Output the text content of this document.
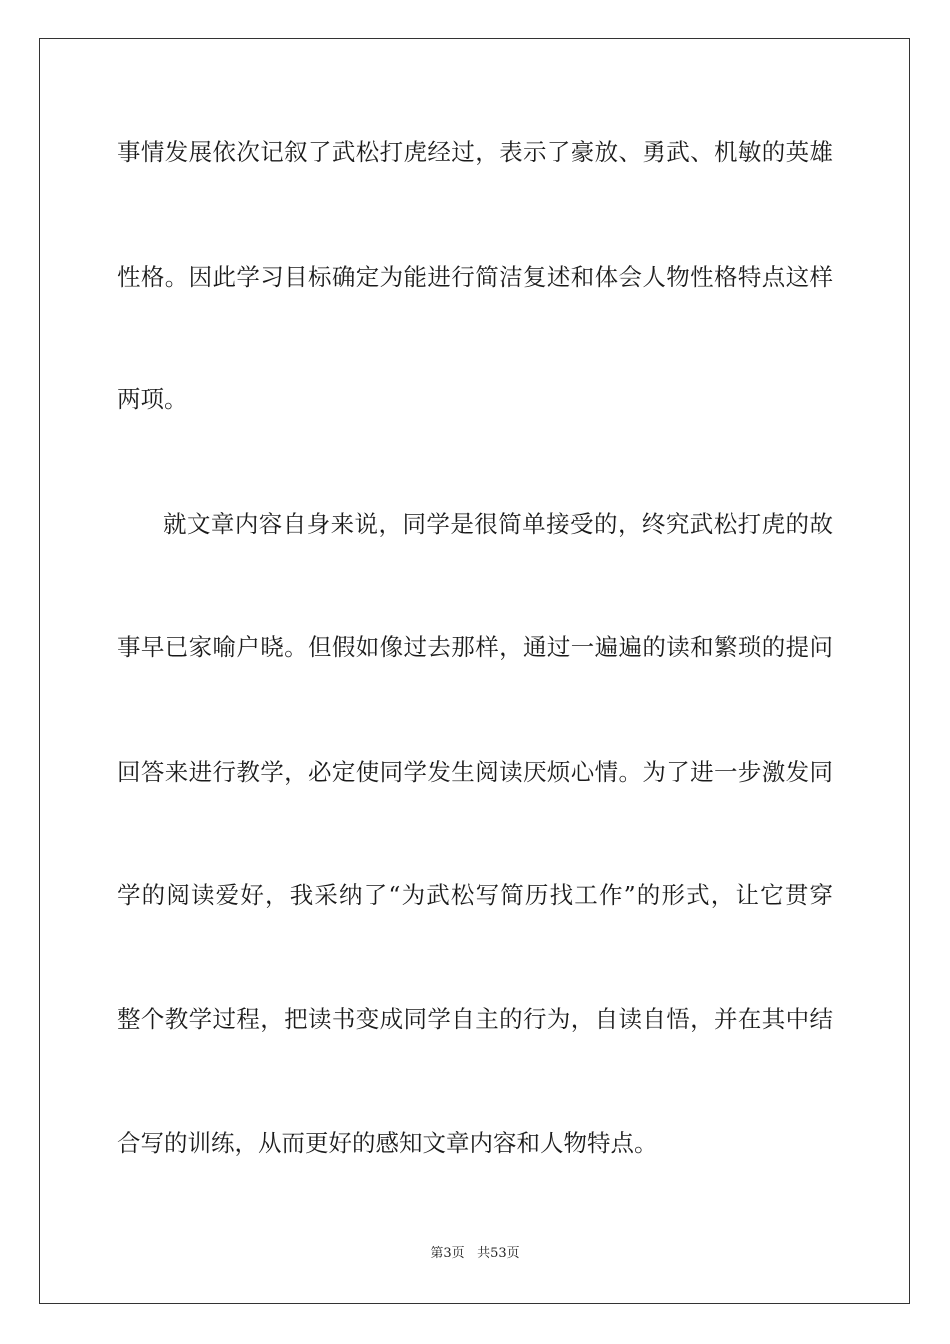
事情发展依次记叙了武松打虎经过，表示了豪放、勇武、机敏的英雄
性格。因此学习目标确定为能进行简洁复述和体会人物性格特点这样
两项。
就文章内容自身来说，同学是很简单接受的，终究武松打虎的故
事早已家喻户晓。但假如像过去那样，通过一遍遍的读和繁琐的提问
回答来进行教学，必定使同学发生阅读厌烦心情。为了进一步激发同
学的阅读爱好，我采纳了“为武松写简历找工作”的形式，让它贯穿
整个教学过程，把读书变成同学自主的行为，自读自悟，并在其中结
合写的训练，从而更好的感知文章内容和人物特点。
第3页 共53页
